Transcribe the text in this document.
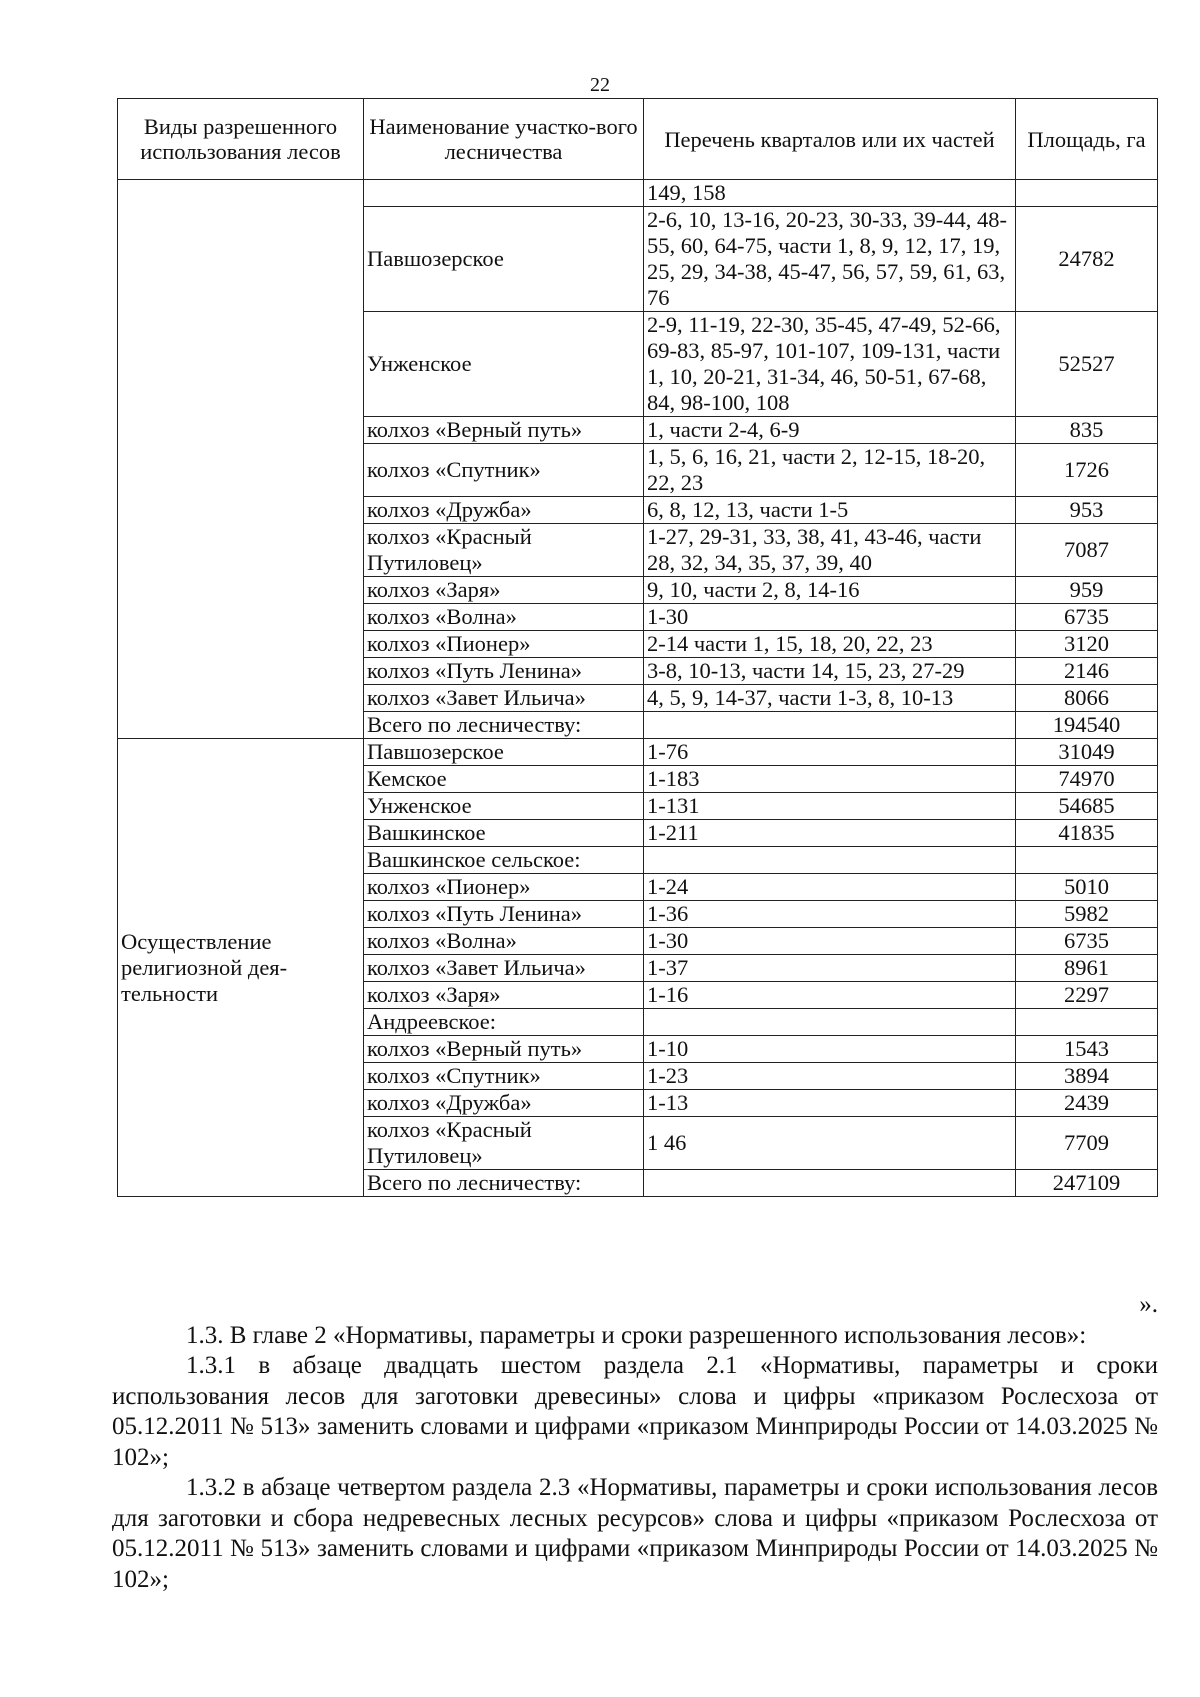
22
Виды разрешенного использования лесов	Наименование участко-вого лесничества	Перечень кварталов или их частей	Площадь, га
		149, 158	
	Павшозерское	2-6, 10, 13-16, 20-23, 30-33, 39-44, 48-55, 60, 64-75, части 1, 8, 9, 12, 17, 19, 25, 29, 34-38, 45-47, 56, 57, 59, 61, 63, 76	24782
	Унженское	2-9, 11-19, 22-30, 35-45, 47-49, 52-66, 69-83, 85-97, 101-107, 109-131, части 1, 10, 20-21, 31-34, 46, 50-51, 67-68, 84, 98-100, 108	52527
	колхоз «Верный путь»	1, части 2-4, 6-9	835
	колхоз «Спутник»	1, 5, 6, 16, 21, части 2, 12-15, 18-20, 22, 23	1726
	колхоз «Дружба»	6, 8, 12, 13, части 1-5	953
	колхоз «Красный Путиловец»	1-27, 29-31, 33, 38, 41, 43-46, части 28, 32, 34, 35, 37, 39, 40	7087
	колхоз «Заря»	9, 10, части 2, 8, 14-16	959
	колхоз «Волна»	1-30	6735
	колхоз «Пионер»	2-14 части 1, 15, 18, 20, 22, 23	3120
	колхоз «Путь Ленина»	3-8, 10-13, части 14, 15, 23, 27-29	2146
	колхоз «Завет Ильича»	4, 5, 9, 14-37, части 1-3, 8, 10-13	8066
	Всего по лесничеству:		194540
Осуществление религиозной дея-тельности	Павшозерское	1-76	31049
	Кемское	1-183	74970
	Унженское	1-131	54685
	Вашкинское	1-211	41835
	Вашкинское сельское:		
	колхоз «Пионер»	1-24	5010
	колхоз «Путь Ленина»	1-36	5982
	колхоз «Волна»	1-30	6735
	колхоз «Завет Ильича»	1-37	8961
	колхоз «Заря»	1-16	2297
	Андреевское:		
	колхоз «Верный путь»	1-10	1543
	колхоз «Спутник»	1-23	3894
	колхоз «Дружба»	1-13	2439
	колхоз «Красный Путиловец»	1 46	7709
	Всего по лесничеству:		247109

».

1.3. В главе 2 «Нормативы, параметры и сроки разрешенного использования лесов»:

1.3.1 в абзаце двадцать шестом раздела 2.1 «Нормативы, параметры и сроки использования лесов для заготовки древесины» слова и цифры «приказом Рослесхоза от 05.12.2011 № 513» заменить словами и цифрами «приказом Минприроды России от 14.03.2025 № 102»;

1.3.2 в абзаце четвертом раздела 2.3 «Нормативы, параметры и сроки использования лесов для заготовки и сбора недревесных лесных ресурсов» слова и цифры «приказом Рослесхоза от 05.12.2011 № 513» заменить словами и цифрами «приказом Минприроды России от 14.03.2025 № 102»;
